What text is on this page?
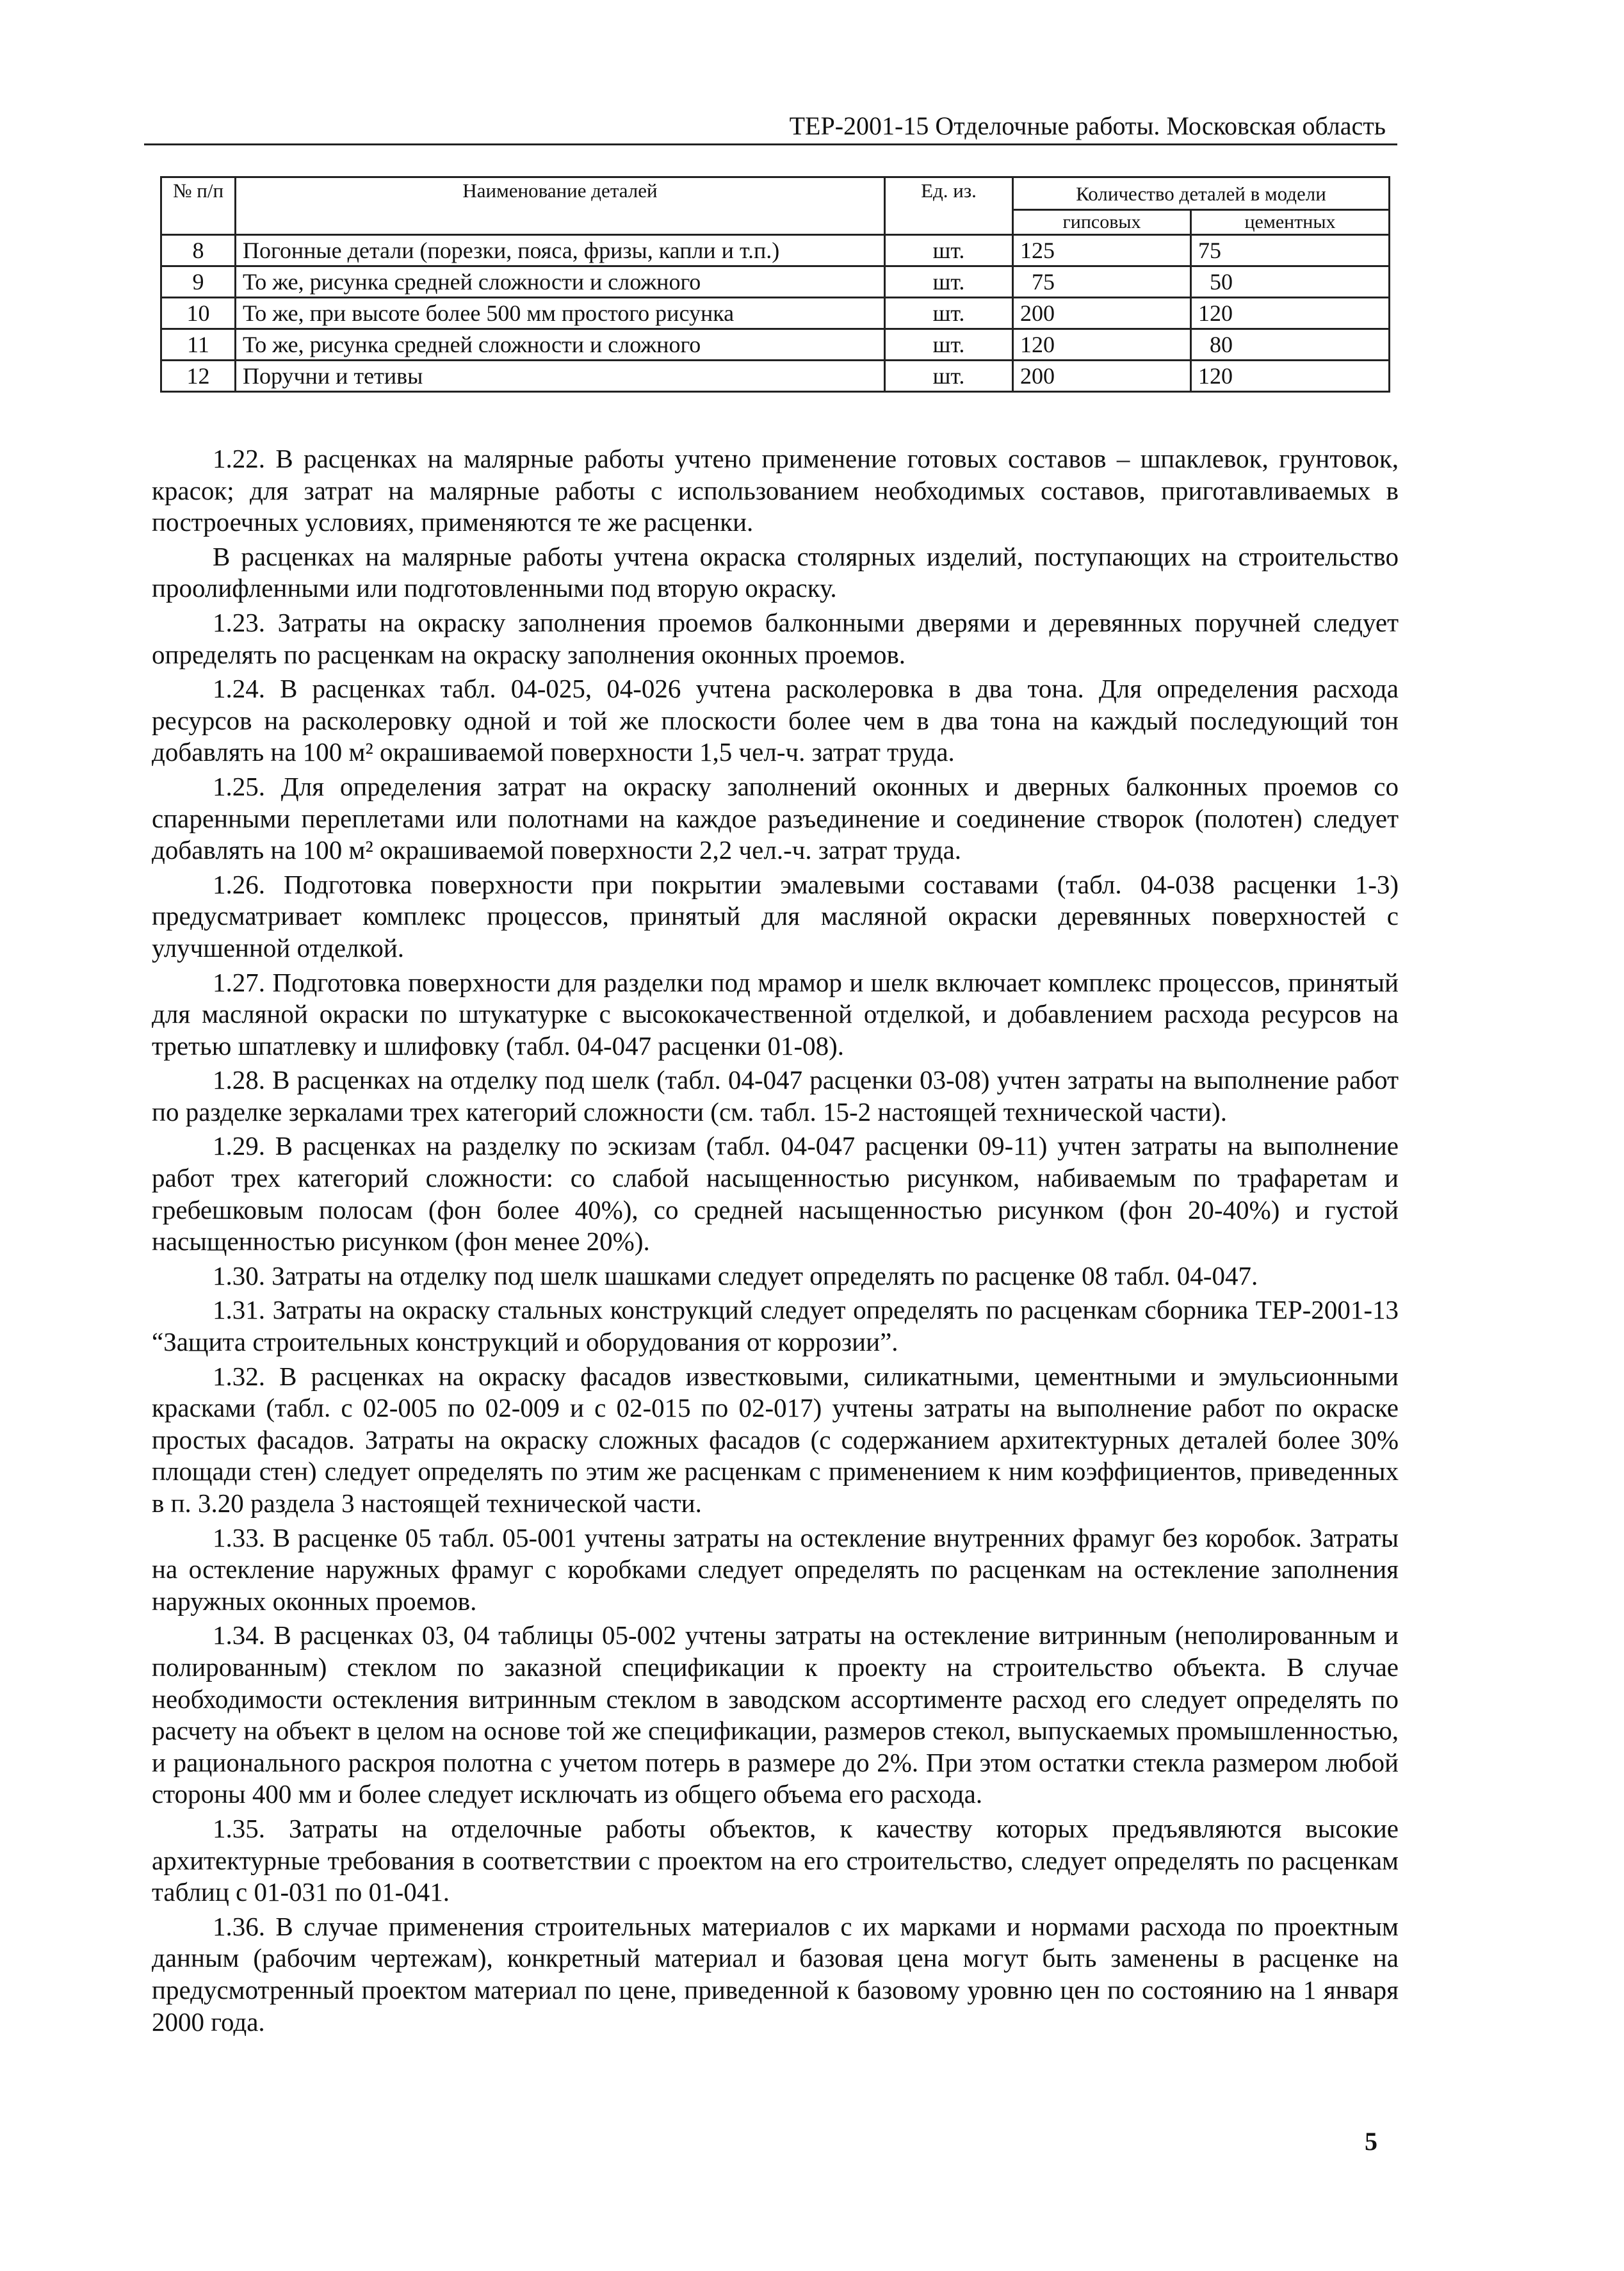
ТЕР-2001-15 Отделочные работы. Московская область
№ п/п	Наименование деталей	Ед. из.	Количество деталей в модели	
			гипсовых	цементных
8	Погонные детали (порезки, пояса, фризы, капли и т.п.)	шт.	125	75
9	То же, рисунка средней сложности и сложного	шт.	75	50
10	То же, при высоте более 500 мм простого рисунка	шт.	200	120
11	То же, рисунка средней сложности и сложного	шт.	120	80
12	Поручни и тетивы	шт.	200	120

1.22. В расценках на малярные работы учтено применение готовых составов – шпаклевок, грунтовок, красок; для затрат на малярные работы с использованием необходимых составов, приготавливаемых в построечных условиях, применяются те же расценки.

В расценках на малярные работы учтена окраска столярных изделий, поступающих на строительство проолифленными или подготовленными под вторую окраску.

1.23. Затраты на окраску заполнения проемов балконными дверями и деревянных поручней следует определять по расценкам на окраску заполнения оконных проемов.

1.24. В расценках табл. 04-025, 04-026 учтена расколеровка в два тона. Для определения расхода ресурсов на расколеровку одной и той же плоскости более чем в два тона на каждый последующий тон добавлять на 100 м² окрашиваемой поверхности 1,5 чел-ч. затрат труда.

1.25. Для определения затрат на окраску заполнений оконных и дверных балконных проемов со спаренными переплетами или полотнами на каждое разъединение и соединение створок (полотен) следует добавлять на 100 м² окрашиваемой поверхности 2,2 чел.-ч. затрат труда.

1.26. Подготовка поверхности при покрытии эмалевыми составами (табл. 04-038 расценки 1-3) предусматривает комплекс процессов, принятый для масляной окраски деревянных поверхностей с улучшенной отделкой.

1.27. Подготовка поверхности для разделки под мрамор и шелк включает комплекс процессов, принятый для масляной окраски по штукатурке с высококачественной отделкой, и добавлением расхода ресурсов на третью шпатлевку и шлифовку (табл. 04-047 расценки 01-08).

1.28. В расценках на отделку под шелк (табл. 04-047 расценки 03-08) учтен затраты на выполнение работ по разделке зеркалами трех категорий сложности (см. табл. 15-2 настоящей технической части).

1.29. В расценках на разделку по эскизам (табл. 04-047 расценки 09-11) учтен затраты на выполнение работ трех категорий сложности: со слабой насыщенностью рисунком, набиваемым по трафаретам и гребешковым полосам (фон более 40%), со средней насыщенностью рисунком (фон 20-40%) и густой насыщенностью рисунком (фон менее 20%).

1.30. Затраты на отделку под шелк шашками следует определять по расценке 08 табл. 04-047.

1.31. Затраты на окраску стальных конструкций следует определять по расценкам сборника ТЕР-2001-13 “Защита строительных конструкций и оборудования от коррозии”.

1.32. В расценках на окраску фасадов известковыми, силикатными, цементными и эмульсионными красками (табл. с 02-005 по 02-009 и с 02-015 по 02-017) учтены затраты на выполнение работ по окраске простых фасадов. Затраты на окраску сложных фасадов (с содержанием архитектурных деталей более 30% площади стен) следует определять по этим же расценкам с применением к ним коэффициентов, приведенных в п. 3.20 раздела 3 настоящей технической части.

1.33. В расценке 05 табл. 05-001 учтены затраты на остекление внутренних фрамуг без коробок. Затраты на остекление наружных фрамуг с коробками следует определять по расценкам на остекление заполнения наружных оконных проемов.

1.34. В расценках 03, 04 таблицы 05-002 учтены затраты на остекление витринным (неполированным и полированным) стеклом по заказной спецификации к проекту на строительство объекта. В случае необходимости остекления витринным стеклом в заводском ассортименте расход его следует определять по расчету на объект в целом на основе той же спецификации, размеров стекол, выпускаемых промышленностью, и рационального раскроя полотна с учетом потерь в размере до 2%. При этом остатки стекла размером любой стороны 400 мм и более следует исключать из общего объема его расхода.

1.35. Затраты на отделочные работы объектов, к качеству которых предъявляются высокие архитектурные требования в соответствии с проектом на его строительство, следует определять по расценкам таблиц с 01-031 по 01-041.

1.36. В случае применения строительных материалов с их марками и нормами расхода по проектным данным (рабочим чертежам), конкретный материал и базовая цена могут быть заменены в расценке на предусмотренный проектом материал по цене, приведенной к базовому уровню цен по состоянию на 1 января 2000 года.

5
